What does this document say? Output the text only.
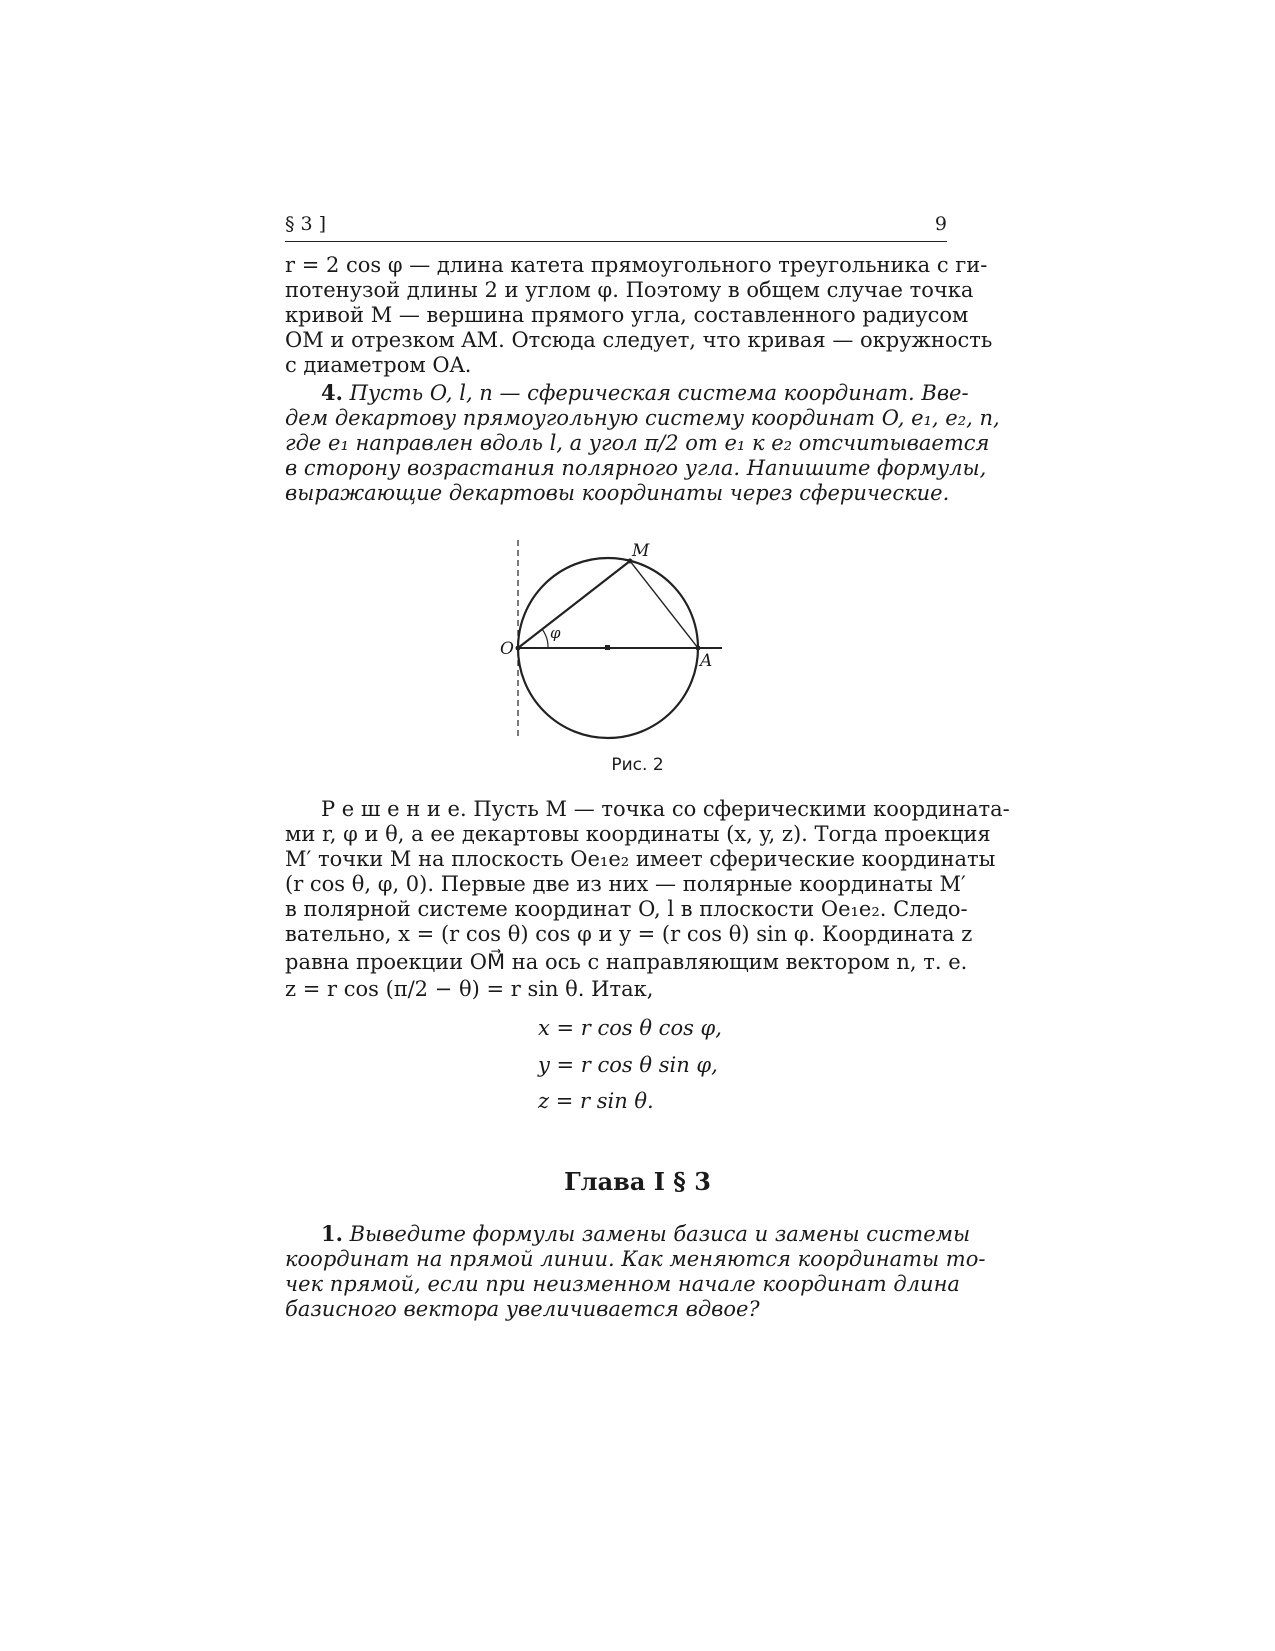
§ 3 ]	9
r = 2 cos φ — длина катета прямоугольного треугольника с ги-
потенузой длины 2 и углом φ. Поэтому в общем случае точка
кривой M — вершина прямого угла, составленного радиусом
OM и отрезком AM. Отсюда следует, что кривая — окружность
с диаметром OA.
4. Пусть O, l, n — сферическая система координат. Вве-
дем декартову прямоугольную систему координат O, e₁, e₂, n,
где e₁ направлен вдоль l, а угол π/2 от e₁ к e₂ отсчитывается
в сторону возрастания полярного угла. Напишите формулы,
выражающие декартовы координаты через сферические.
M
O
A
φ
Рис. 2
Р е ш е н и е. Пусть M — точка со сферическими координата-
ми r, φ и θ, а ее декартовы координаты (x, y, z). Тогда проекция
M′ точки M на плоскость Oe₁e₂ имеет сферические координаты
(r cos θ, φ, 0). Первые две из них — полярные координаты M′
в полярной системе координат O, l в плоскости Oe₁e₂. Следо-
вательно, x = (r cos θ) cos φ и y = (r cos θ) sin φ. Координата z
равна проекции OM⃗ на ось с направляющим вектором n, т. е.
z = r cos (π/2 − θ) = r sin θ. Итак,
x = r cos θ cos φ,
y = r cos θ sin φ,
z = r sin θ.
Глава I § 3
1. Выведите формулы замены базиса и замены системы
координат на прямой линии. Как меняются координаты то-
чек прямой, если при неизменном начале координат длина
базисного вектора увеличивается вдвое?
